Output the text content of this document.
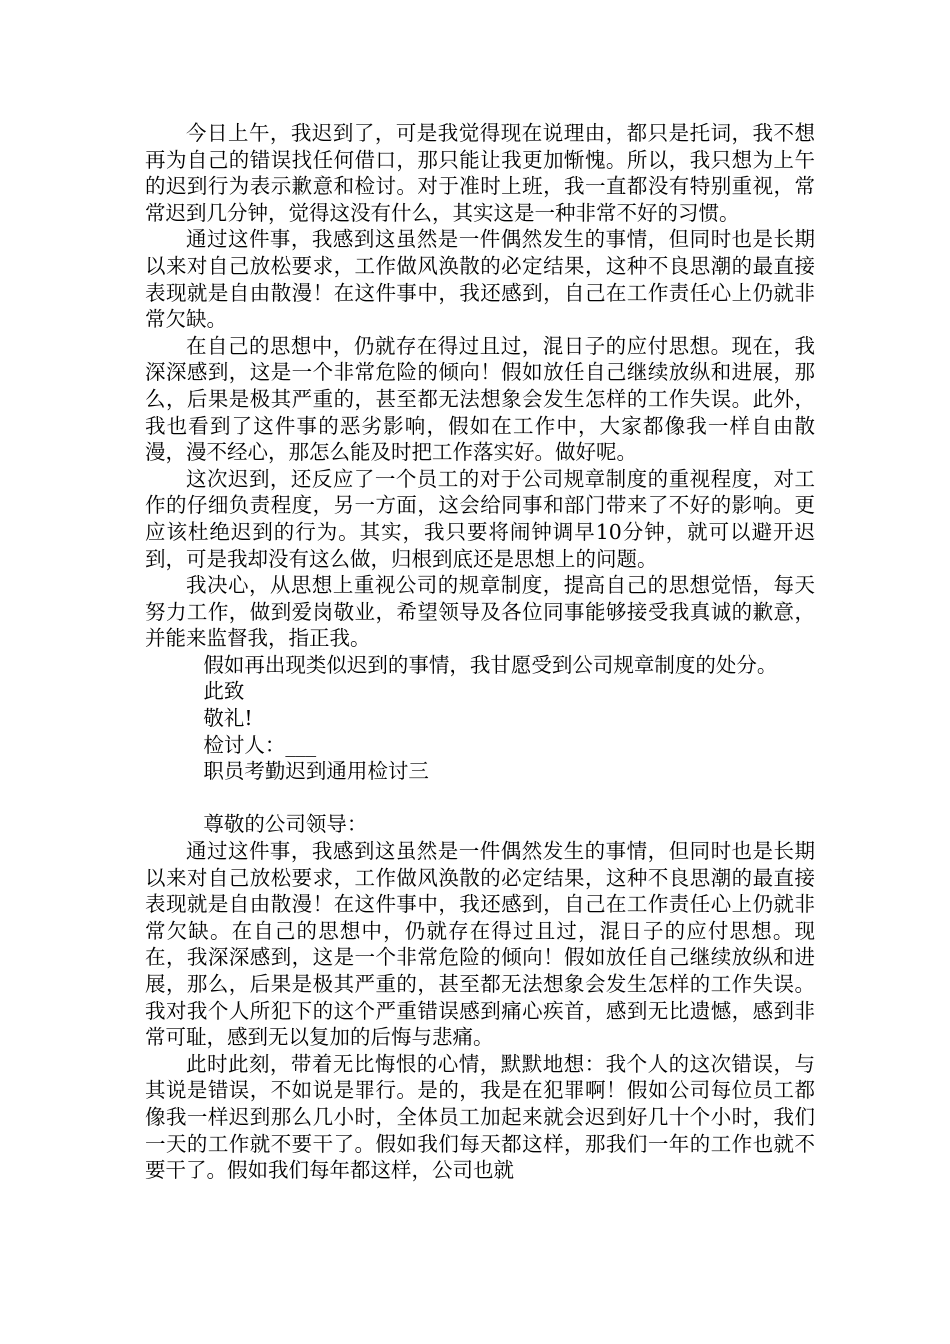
今日上午，我迟到了，可是我觉得现在说理由，都只是托词，我不想再为自己的错误找任何借口，那只能让我更加惭愧。所以，我只想为上午的迟到行为表示歉意和检讨。对于准时上班，我一直都没有特别重视，常常迟到几分钟，觉得这没有什么，其实这是一种非常不好的习惯。

通过这件事，我感到这虽然是一件偶然发生的事情，但同时也是长期以来对自己放松要求，工作做风涣散的必定结果，这种不良思潮的最直接表现就是自由散漫！在这件事中，我还感到，自己在工作责任心上仍就非常欠缺。

在自己的思想中，仍就存在得过且过，混日子的应付思想。现在，我深深感到，这是一个非常危险的倾向！假如放任自己继续放纵和进展，那么，后果是极其严重的，甚至都无法想象会发生怎样的工作失误。此外，我也看到了这件事的恶劣影响，假如在工作中，大家都像我一样自由散漫，漫不经心，那怎么能及时把工作落实好。做好呢。

这次迟到，还反应了一个员工的对于公司规章制度的重视程度，对工作的仔细负责程度，另一方面，这会给同事和部门带来了不好的影响。更应该杜绝迟到的行为。其实，我只要将闹钟调早10分钟，就可以避开迟到，可是我却没有这么做，归根到底还是思想上的问题。

我决心，从思想上重视公司的规章制度，提高自己的思想觉悟，每天努力工作，做到爱岗敬业，希望领导及各位同事能够接受我真诚的歉意，并能来监督我，指正我。

假如再出现类似迟到的事情，我甘愿受到公司规章制度的处分。

此致

敬礼!

检讨人：___

职员考勤迟到通用检讨三

尊敬的公司领导：

通过这件事，我感到这虽然是一件偶然发生的事情，但同时也是长期以来对自己放松要求，工作做风涣散的必定结果，这种不良思潮的最直接表现就是自由散漫！在这件事中，我还感到，自己在工作责任心上仍就非常欠缺。在自己的思想中，仍就存在得过且过，混日子的应付思想。现在，我深深感到，这是一个非常危险的倾向！假如放任自己继续放纵和进展，那么，后果是极其严重的，甚至都无法想象会发生怎样的工作失误。我对我个人所犯下的这个严重错误感到痛心疾首，感到无比遗憾，感到非常可耻，感到无以复加的后悔与悲痛。

此时此刻，带着无比悔恨的心情，默默地想：我个人的这次错误，与其说是错误，不如说是罪行。是的，我是在犯罪啊！假如公司每位员工都像我一样迟到那么几小时，全体员工加起来就会迟到好几十个小时，我们一天的工作就不要干了。假如我们每天都这样，那我们一年的工作也就不要干了。假如我们每年都这样，公司也就
